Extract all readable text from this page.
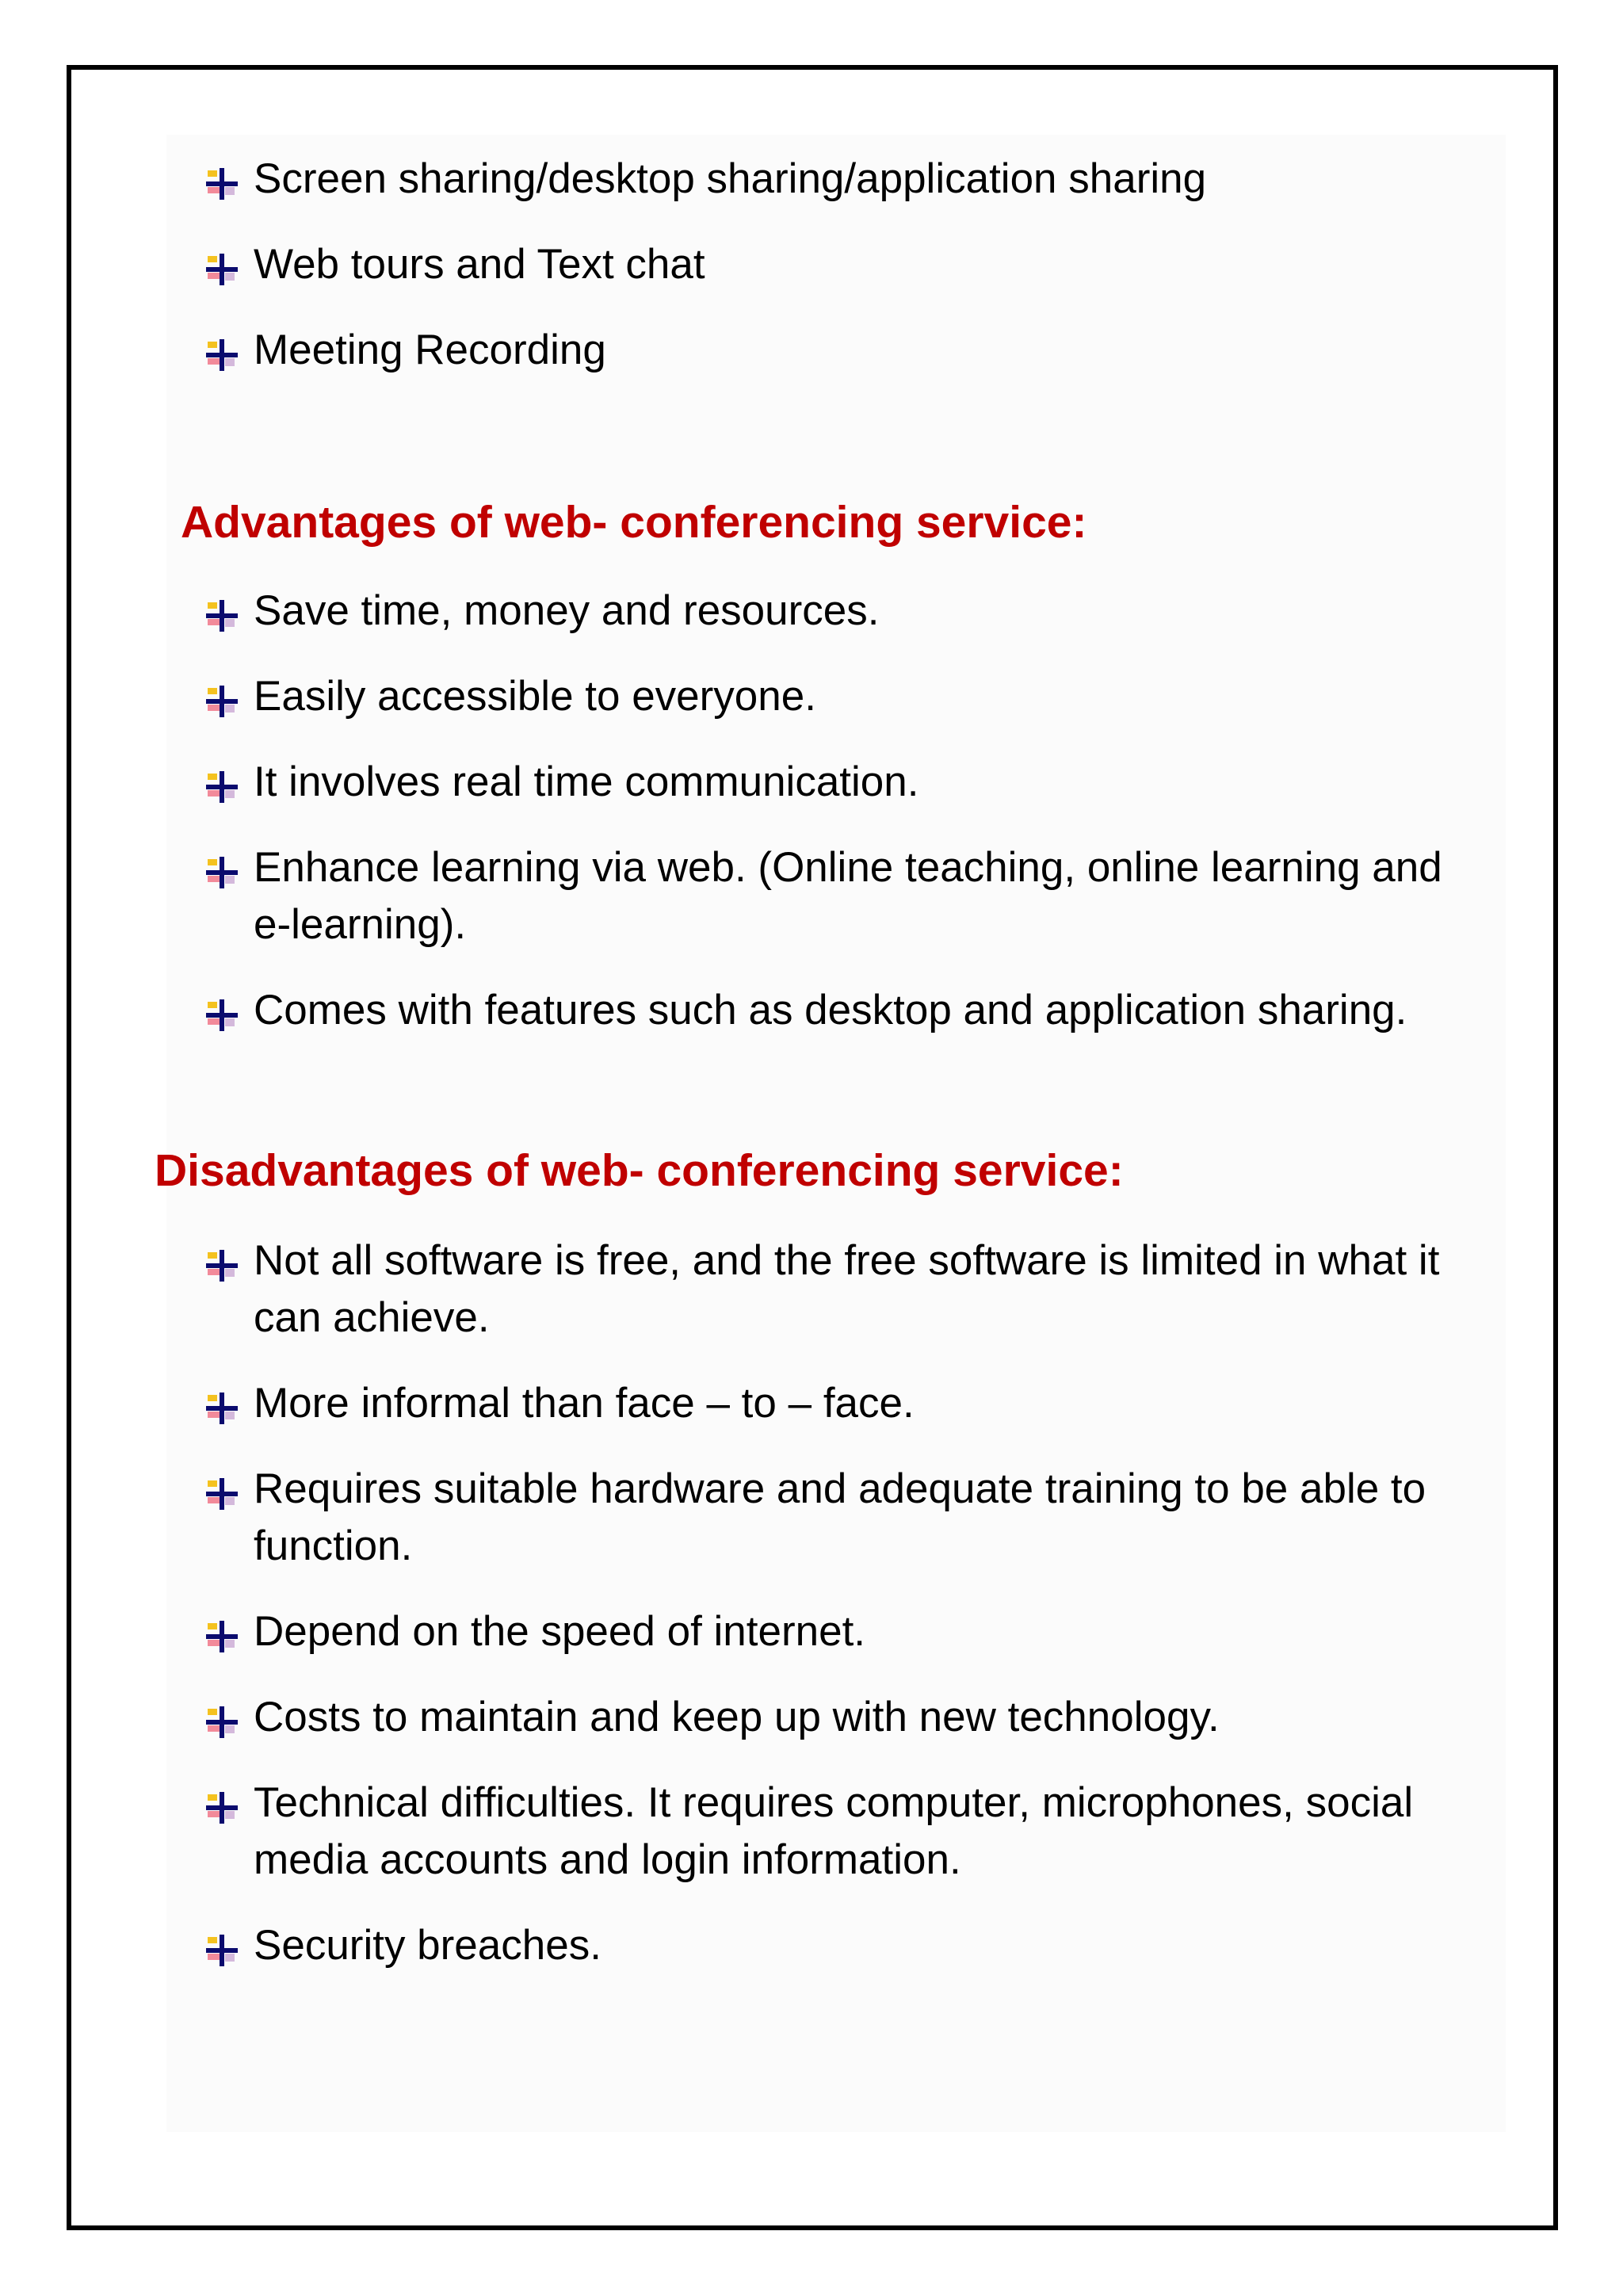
Screen sharing/desktop sharing/application sharing
Web tours and Text chat
Meeting Recording
Advantages of web- conferencing service:
Save time, money and resources.
Easily accessible to everyone.
It involves real time communication.
Enhance learning via web. (Online teaching, online learning and e-learning).
Comes with features such as desktop and application sharing.
Disadvantages of web- conferencing service:
Not all software is free, and the free software is limited in what it can achieve.
More informal than face – to – face.
Requires suitable hardware and adequate training to be able to function.
Depend on the speed of internet.
Costs to maintain and keep up with new technology.
Technical difficulties. It requires computer, microphones, social media accounts and login information.
Security breaches.
